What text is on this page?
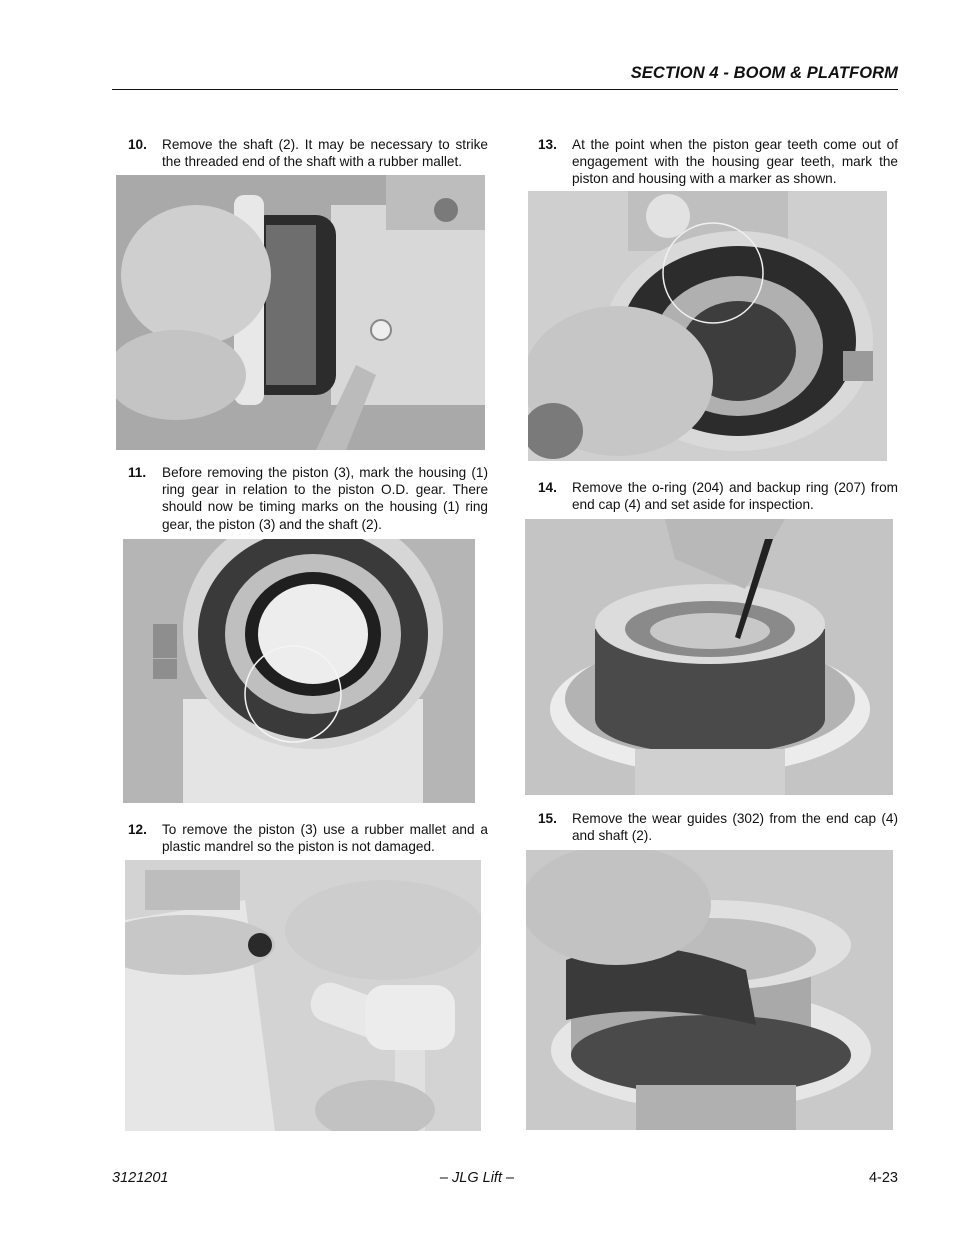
SECTION 4 - BOOM & PLATFORM
10. Remove the shaft (2). It may be necessary to strike the threaded end of the shaft with a rubber mallet.
11. Before removing the piston (3), mark the housing (1) ring gear in relation to the piston O.D. gear. There should now be timing marks on the housing (1) ring gear, the piston (3) and the shaft (2).
12. To remove the piston (3) use a rubber mallet and a plastic mandrel so the piston is not damaged.
13. At the point when the piston gear teeth come out of engagement with the housing gear teeth, mark the piston and housing with a marker as shown.
14. Remove the o-ring (204) and backup ring (207) from end cap (4) and set aside for inspection.
15. Remove the wear guides (302) from the end cap (4) and shaft (2).
3121201	– JLG Lift –	4-23
